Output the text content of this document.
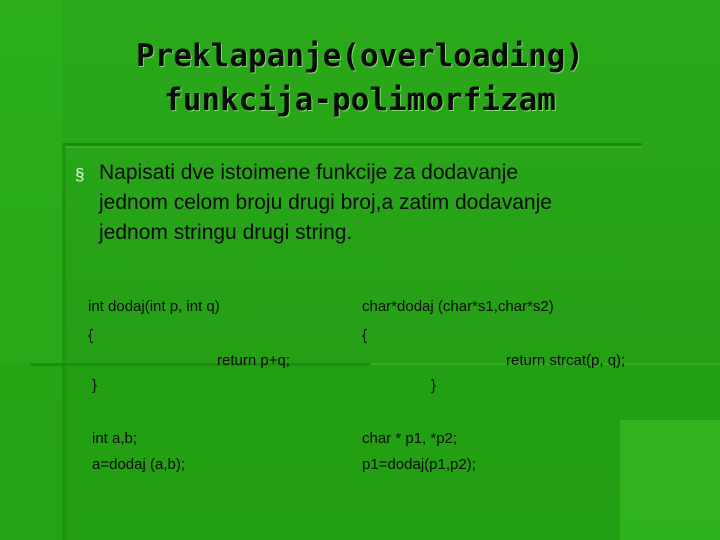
Preklapanje(overloading)
funkcija-polimorfizam
§ Napisati dve istoimene funkcije za dodavanje
jednom celom broju drugi broj,a zatim dodavanje
jednom stringu drugi string.
int dodaj(int p, int q)
{
return p+q;
}
int a,b;
a=dodaj (a,b);
char*dodaj (char*s1,char*s2)
{
return strcat(p, q);
}
char * p1, *p2;
p1=dodaj(p1,p2);
